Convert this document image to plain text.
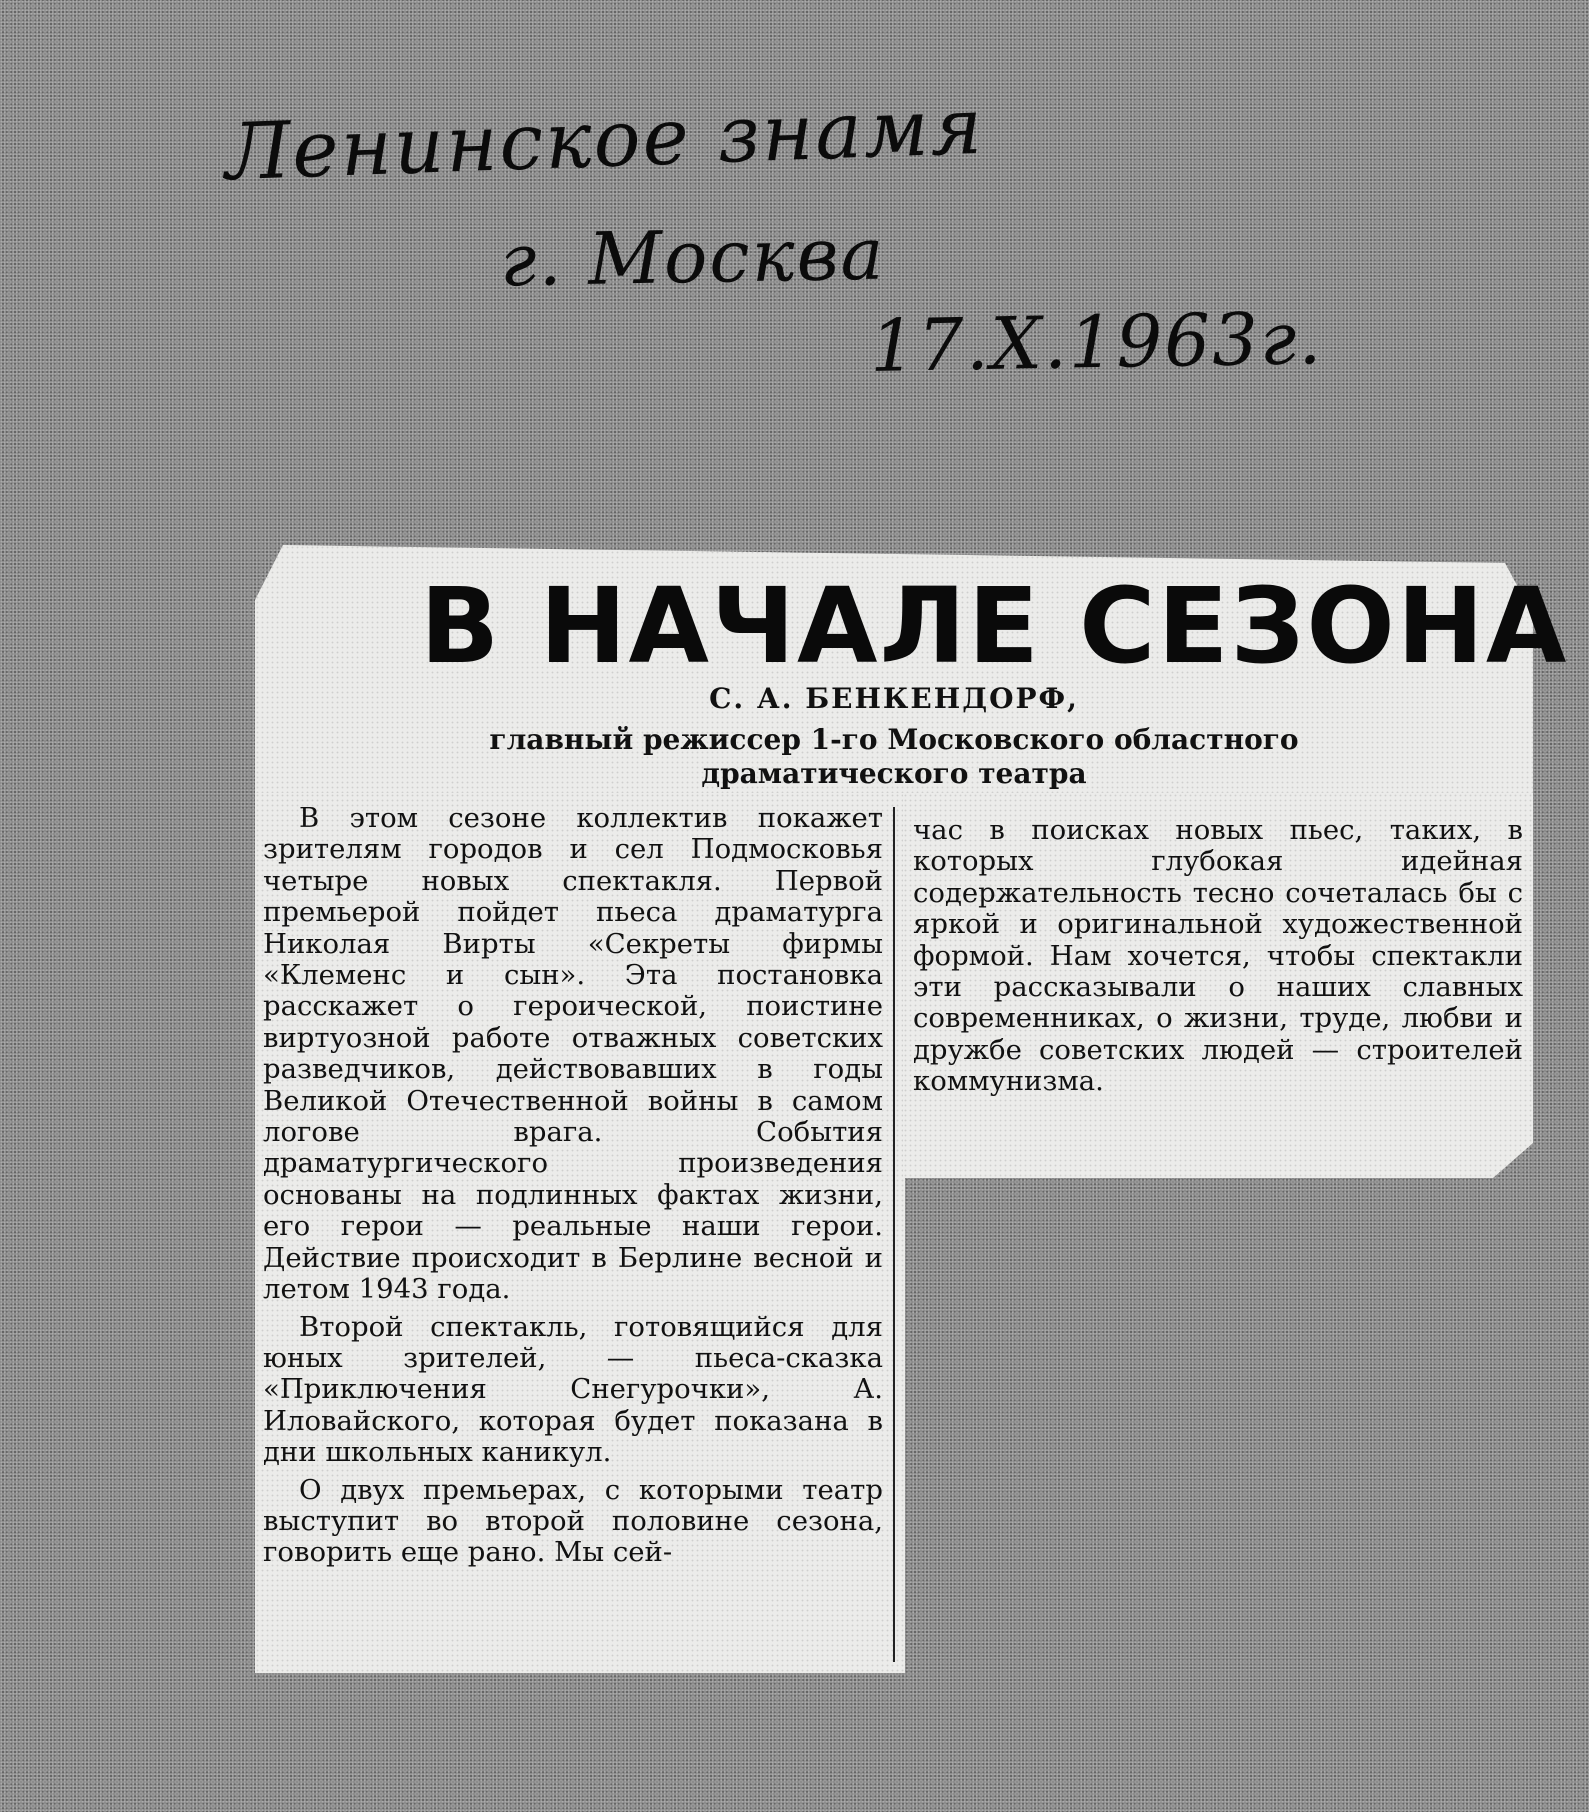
Ленинское знамя
г. Москва
17.X.1963г.
В НАЧАЛЕ СЕЗОНА
С. А. БЕНКЕНДОРФ,
главный режиссер 1-го Московского областного
драматического театра

В этом сезоне коллектив покажет зрителям городов и сел Подмосковья четыре новых спектакля. Первой премьерой пойдет пьеса драматурга Николая Вирты «Секреты фирмы «Клеменс и сын». Эта постановка расскажет о героической, поистине виртуозной работе отважных советских разведчиков, действовавших в годы Великой Отечественной войны в самом логове врага. События драматургического произведения основаны на подлинных фактах жизни, его герои — реальные наши герои. Действие происходит в Берлине весной и летом 1943 года.

Второй спектакль, готовящийся для юных зрителей, — пьеса-сказка «Приключения Снегурочки», А. Иловайского, которая будет показана в дни школьных каникул.

О двух премьерах, с которыми театр выступит во второй половине сезона, говорить еще рано. Мы сей-

час в поисках новых пьес, таких, в которых глубокая идейная содержательность тесно сочеталась бы с яркой и оригинальной художественной формой. Нам хочется, чтобы спектакли эти рассказывали о наших славных современниках, о жизни, труде, любви и дружбе советских людей — строителей коммунизма.
